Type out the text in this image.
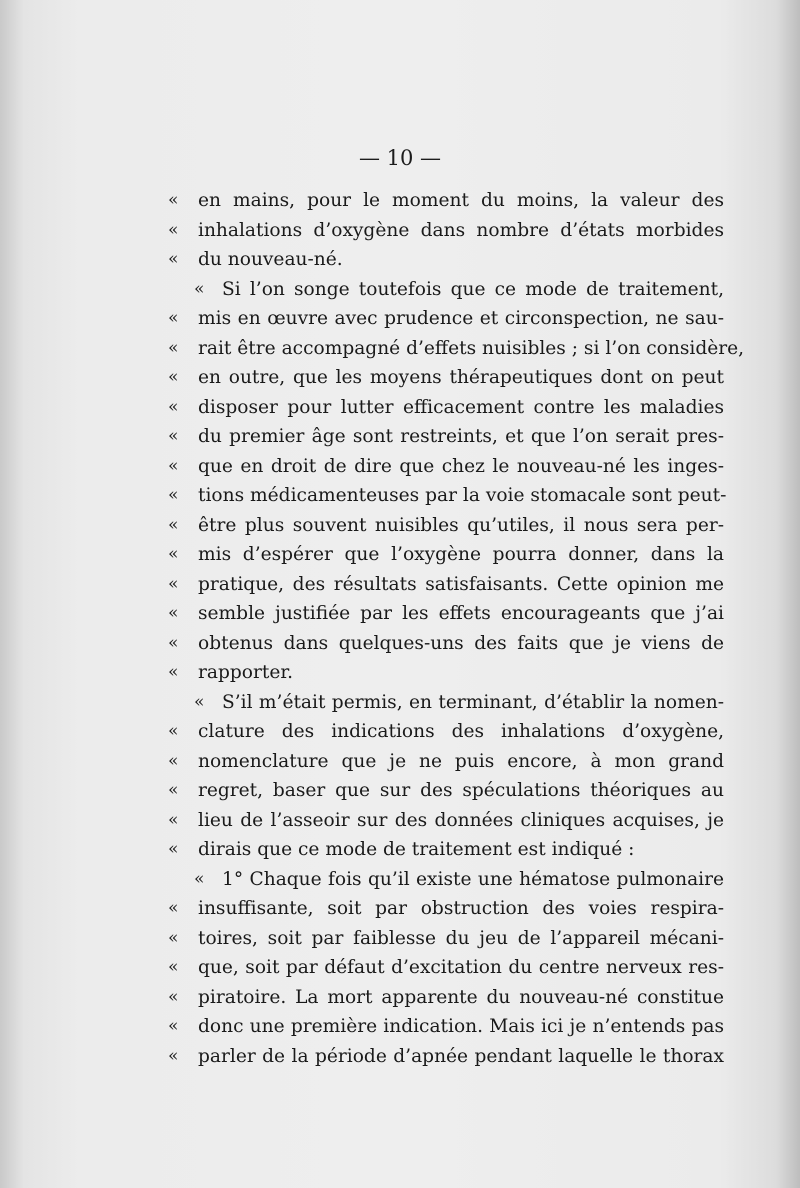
— 10 —
«	en mains, pour le moment du moins, la valeur des
«	inhalations d’oxygène dans nombre d’états morbides
«	du nouveau-né.
« Si l’on songe toutefois que ce mode de traitement,
«	mis en œuvre avec prudence et circonspection, ne sau-
«	rait être accompagné d’effets nuisibles ; si l’on considère,
«	en outre, que les moyens thérapeutiques dont on peut
«	disposer pour lutter efficacement contre les maladies
«	du premier âge sont restreints, et que l’on serait pres-
«	que en droit de dire que chez le nouveau-né les inges-
«	tions médicamenteuses par la voie stomacale sont peut-
«	être plus souvent nuisibles qu’utiles, il nous sera per-
«	mis d’espérer que l’oxygène pourra donner, dans la
«	pratique, des résultats satisfaisants. Cette opinion me
«	semble justifiée par les effets encourageants que j’ai
«	obtenus dans quelques-uns des faits que je viens de
«	rapporter.
« S’il m’était permis, en terminant, d’établir la nomen-
«	clature des indications des inhalations d’oxygène,
«	nomenclature que je ne puis encore, à mon grand
«	regret, baser que sur des spéculations théoriques au
«	lieu de l’asseoir sur des données cliniques acquises, je
«	dirais que ce mode de traitement est indiqué :
« 1° Chaque fois qu’il existe une hématose pulmonaire
«	insuffisante, soit par obstruction des voies respira-
«	toires, soit par faiblesse du jeu de l’appareil mécani-
«	que, soit par défaut d’excitation du centre nerveux res-
«	piratoire. La mort apparente du nouveau-né constitue
«	donc une première indication. Mais ici je n’entends pas
«	parler de la période d’apnée pendant laquelle le thorax
